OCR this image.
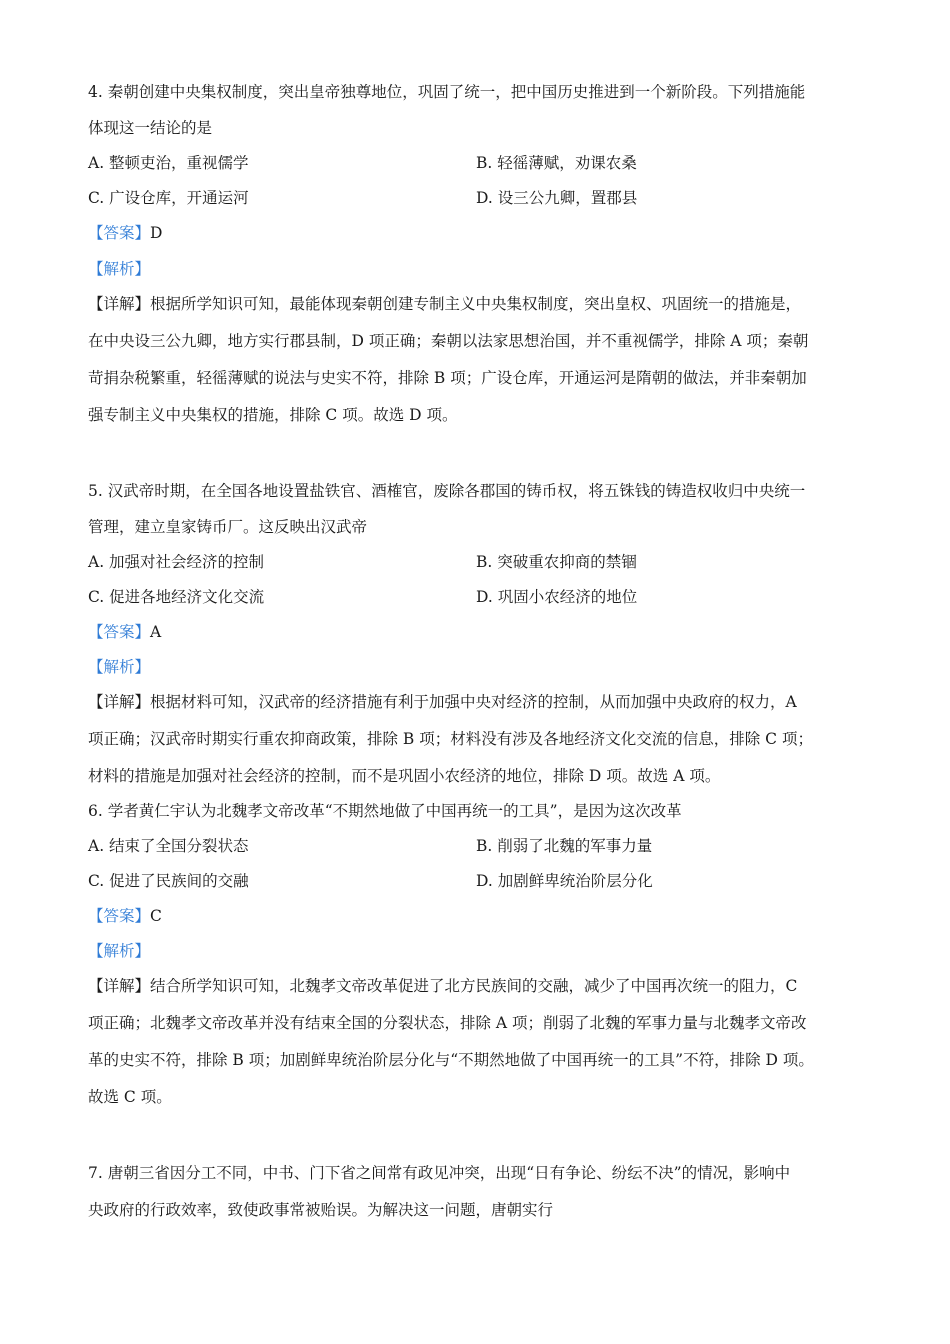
4. 秦朝创建中央集权制度，突出皇帝独尊地位，巩固了统一，把中国历史推进到一个新阶段。下列措施能
体现这一结论的是
A. 整顿吏治，重视儒学	B. 轻徭薄赋，劝课农桑
C. 广设仓库，开通运河	D. 设三公九卿，置郡县
【答案】D
【解析】
【详解】根据所学知识可知，最能体现秦朝创建专制主义中央集权制度，突出皇权、巩固统一的措施是，
在中央设三公九卿，地方实行郡县制，D 项正确；秦朝以法家思想治国，并不重视儒学，排除 A 项；秦朝
苛捐杂税繁重，轻徭薄赋的说法与史实不符，排除 B 项；广设仓库，开通运河是隋朝的做法，并非秦朝加
强专制主义中央集权的措施，排除 C 项。故选 D 项。
5. 汉武帝时期，在全国各地设置盐铁官、酒榷官，废除各郡国的铸币权，将五铢钱的铸造权收归中央统一
管理，建立皇家铸币厂。这反映出汉武帝
A. 加强对社会经济的控制	B. 突破重农抑商的禁锢
C. 促进各地经济文化交流	D. 巩固小农经济的地位
【答案】A
【解析】
【详解】根据材料可知，汉武帝的经济措施有利于加强中央对经济的控制，从而加强中央政府的权力，A
项正确；汉武帝时期实行重农抑商政策，排除 B 项；材料没有涉及各地经济文化交流的信息，排除 C 项；
材料的措施是加强对社会经济的控制，而不是巩固小农经济的地位，排除 D 项。故选 A 项。
6. 学者黄仁宇认为北魏孝文帝改革“不期然地做了中国再统一的工具”，是因为这次改革
A. 结束了全国分裂状态	B. 削弱了北魏的军事力量
C. 促进了民族间的交融	D. 加剧鲜卑统治阶层分化
【答案】C
【解析】
【详解】结合所学知识可知，北魏孝文帝改革促进了北方民族间的交融，减少了中国再次统一的阻力，C
项正确；北魏孝文帝改革并没有结束全国的分裂状态，排除 A 项；削弱了北魏的军事力量与北魏孝文帝改
革的史实不符，排除 B 项；加剧鲜卑统治阶层分化与“不期然地做了中国再统一的工具”不符，排除 D 项。
故选 C 项。
7. 唐朝三省因分工不同，中书、门下省之间常有政见冲突，出现“日有争论、纷纭不决”的情况，影响中
央政府的行政效率，致使政事常被贻误。为解决这一问题，唐朝实行
